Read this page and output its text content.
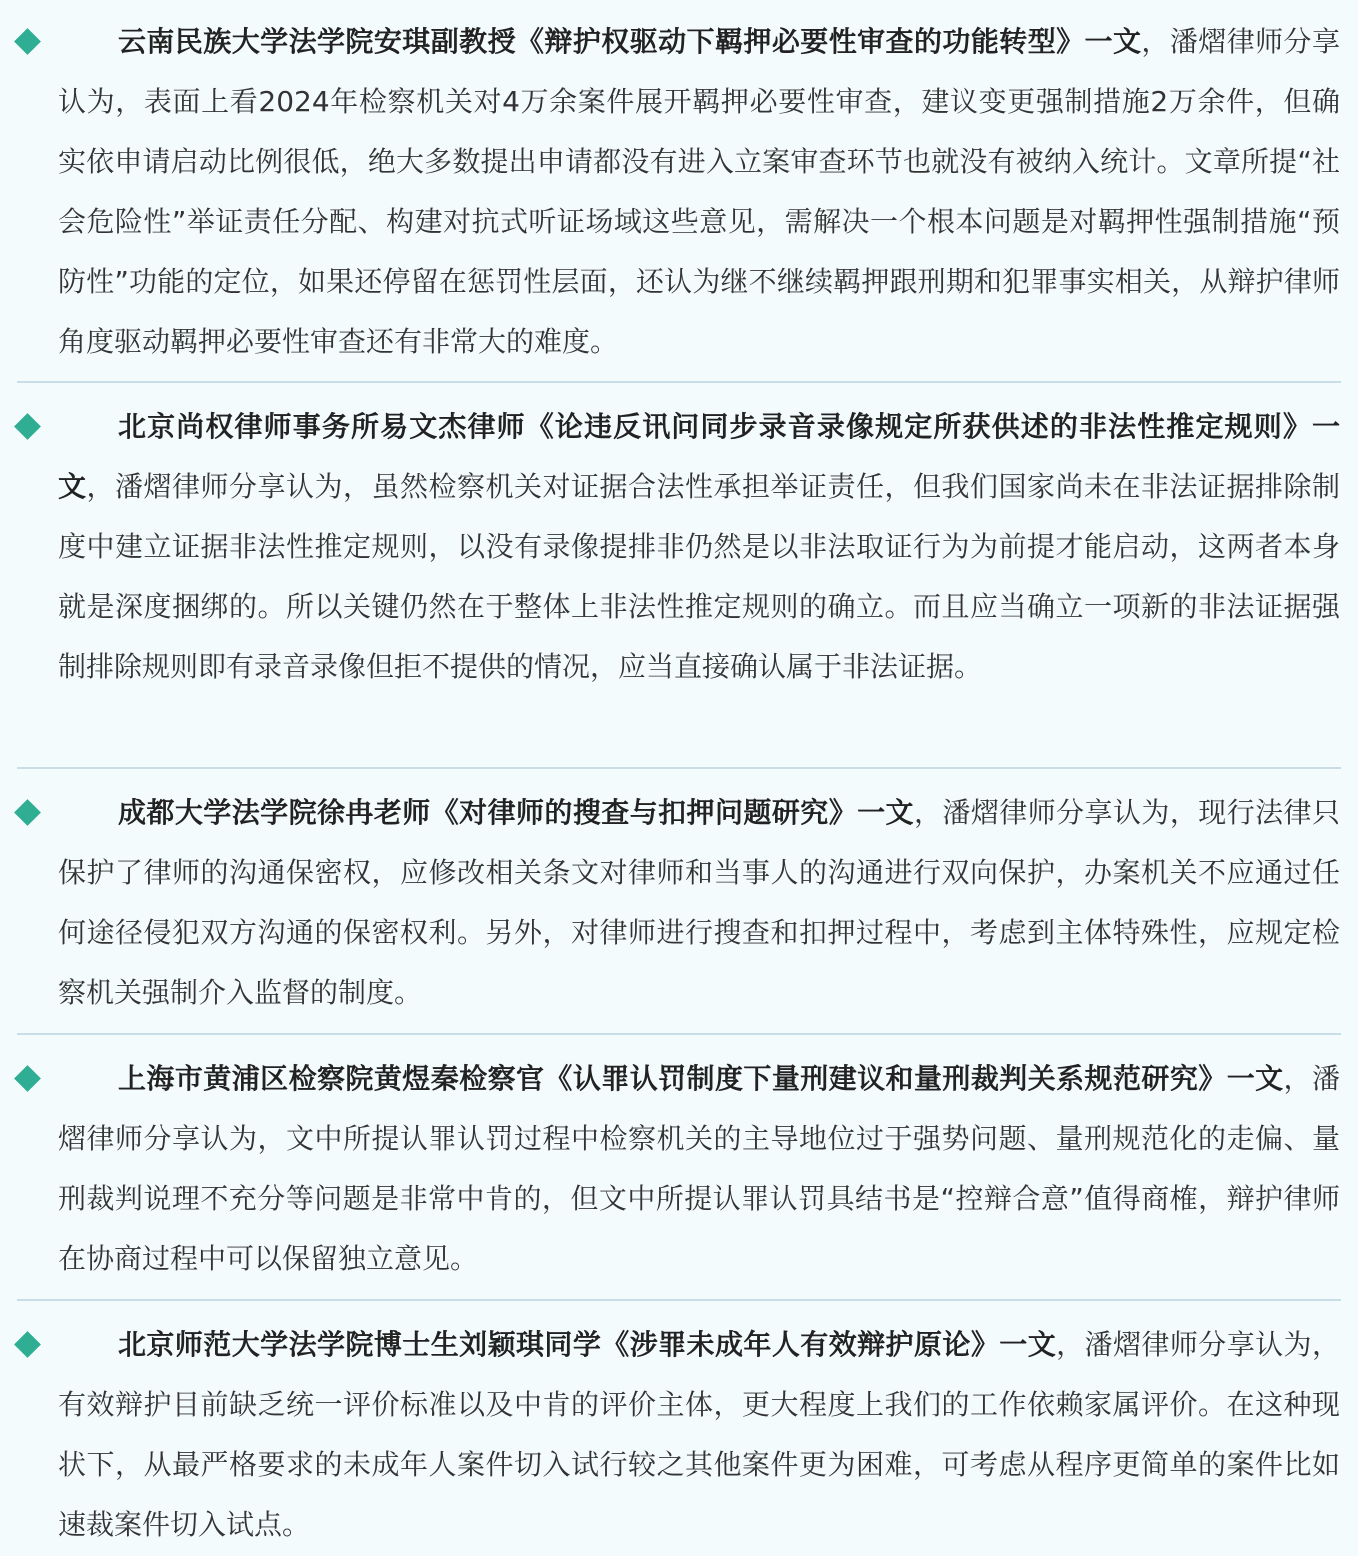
云南民族大学法学院安琪副教授《辩护权驱动下羁押必要性审查的功能转型》一文，潘熠律师分享认为，表面上看2024年检察机关对4万余案件展开羁押必要性审查，建议变更强制措施2万余件，但确实依申请启动比例很低，绝大多数提出申请都没有进入立案审查环节也就没有被纳入统计。文章所提“社会危险性”举证责任分配、构建对抗式听证场域这些意见，需解决一个根本问题是对羁押性强制措施“预防性”功能的定位，如果还停留在惩罚性层面，还认为继不继续羁押跟刑期和犯罪事实相关，从辩护律师角度驱动羁押必要性审查还有非常大的难度。

北京尚权律师事务所易文杰律师《论违反讯问同步录音录像规定所获供述的非法性推定规则》一文，潘熠律师分享认为，虽然检察机关对证据合法性承担举证责任，但我们国家尚未在非法证据排除制度中建立证据非法性推定规则，以没有录像提排非仍然是以非法取证行为为前提才能启动，这两者本身就是深度捆绑的。所以关键仍然在于整体上非法性推定规则的确立。而且应当确立一项新的非法证据强制排除规则即有录音录像但拒不提供的情况，应当直接确认属于非法证据。

成都大学法学院徐冉老师《对律师的搜查与扣押问题研究》一文，潘熠律师分享认为，现行法律只保护了律师的沟通保密权，应修改相关条文对律师和当事人的沟通进行双向保护，办案机关不应通过任何途径侵犯双方沟通的保密权利。另外，对律师进行搜查和扣押过程中，考虑到主体特殊性，应规定检察机关强制介入监督的制度。

上海市黄浦区检察院黄煜秦检察官《认罪认罚制度下量刑建议和量刑裁判关系规范研究》一文，潘熠律师分享认为，文中所提认罪认罚过程中检察机关的主导地位过于强势问题、量刑规范化的走偏、量刑裁判说理不充分等问题是非常中肯的，但文中所提认罪认罚具结书是“控辩合意”值得商榷，辩护律师在协商过程中可以保留独立意见。

北京师范大学法学院博士生刘颖琪同学《涉罪未成年人有效辩护原论》一文，潘熠律师分享认为，有效辩护目前缺乏统一评价标准以及中肯的评价主体，更大程度上我们的工作依赖家属评价。在这种现状下，从最严格要求的未成年人案件切入试行较之其他案件更为困难，可考虑从程序更简单的案件比如速裁案件切入试点。
